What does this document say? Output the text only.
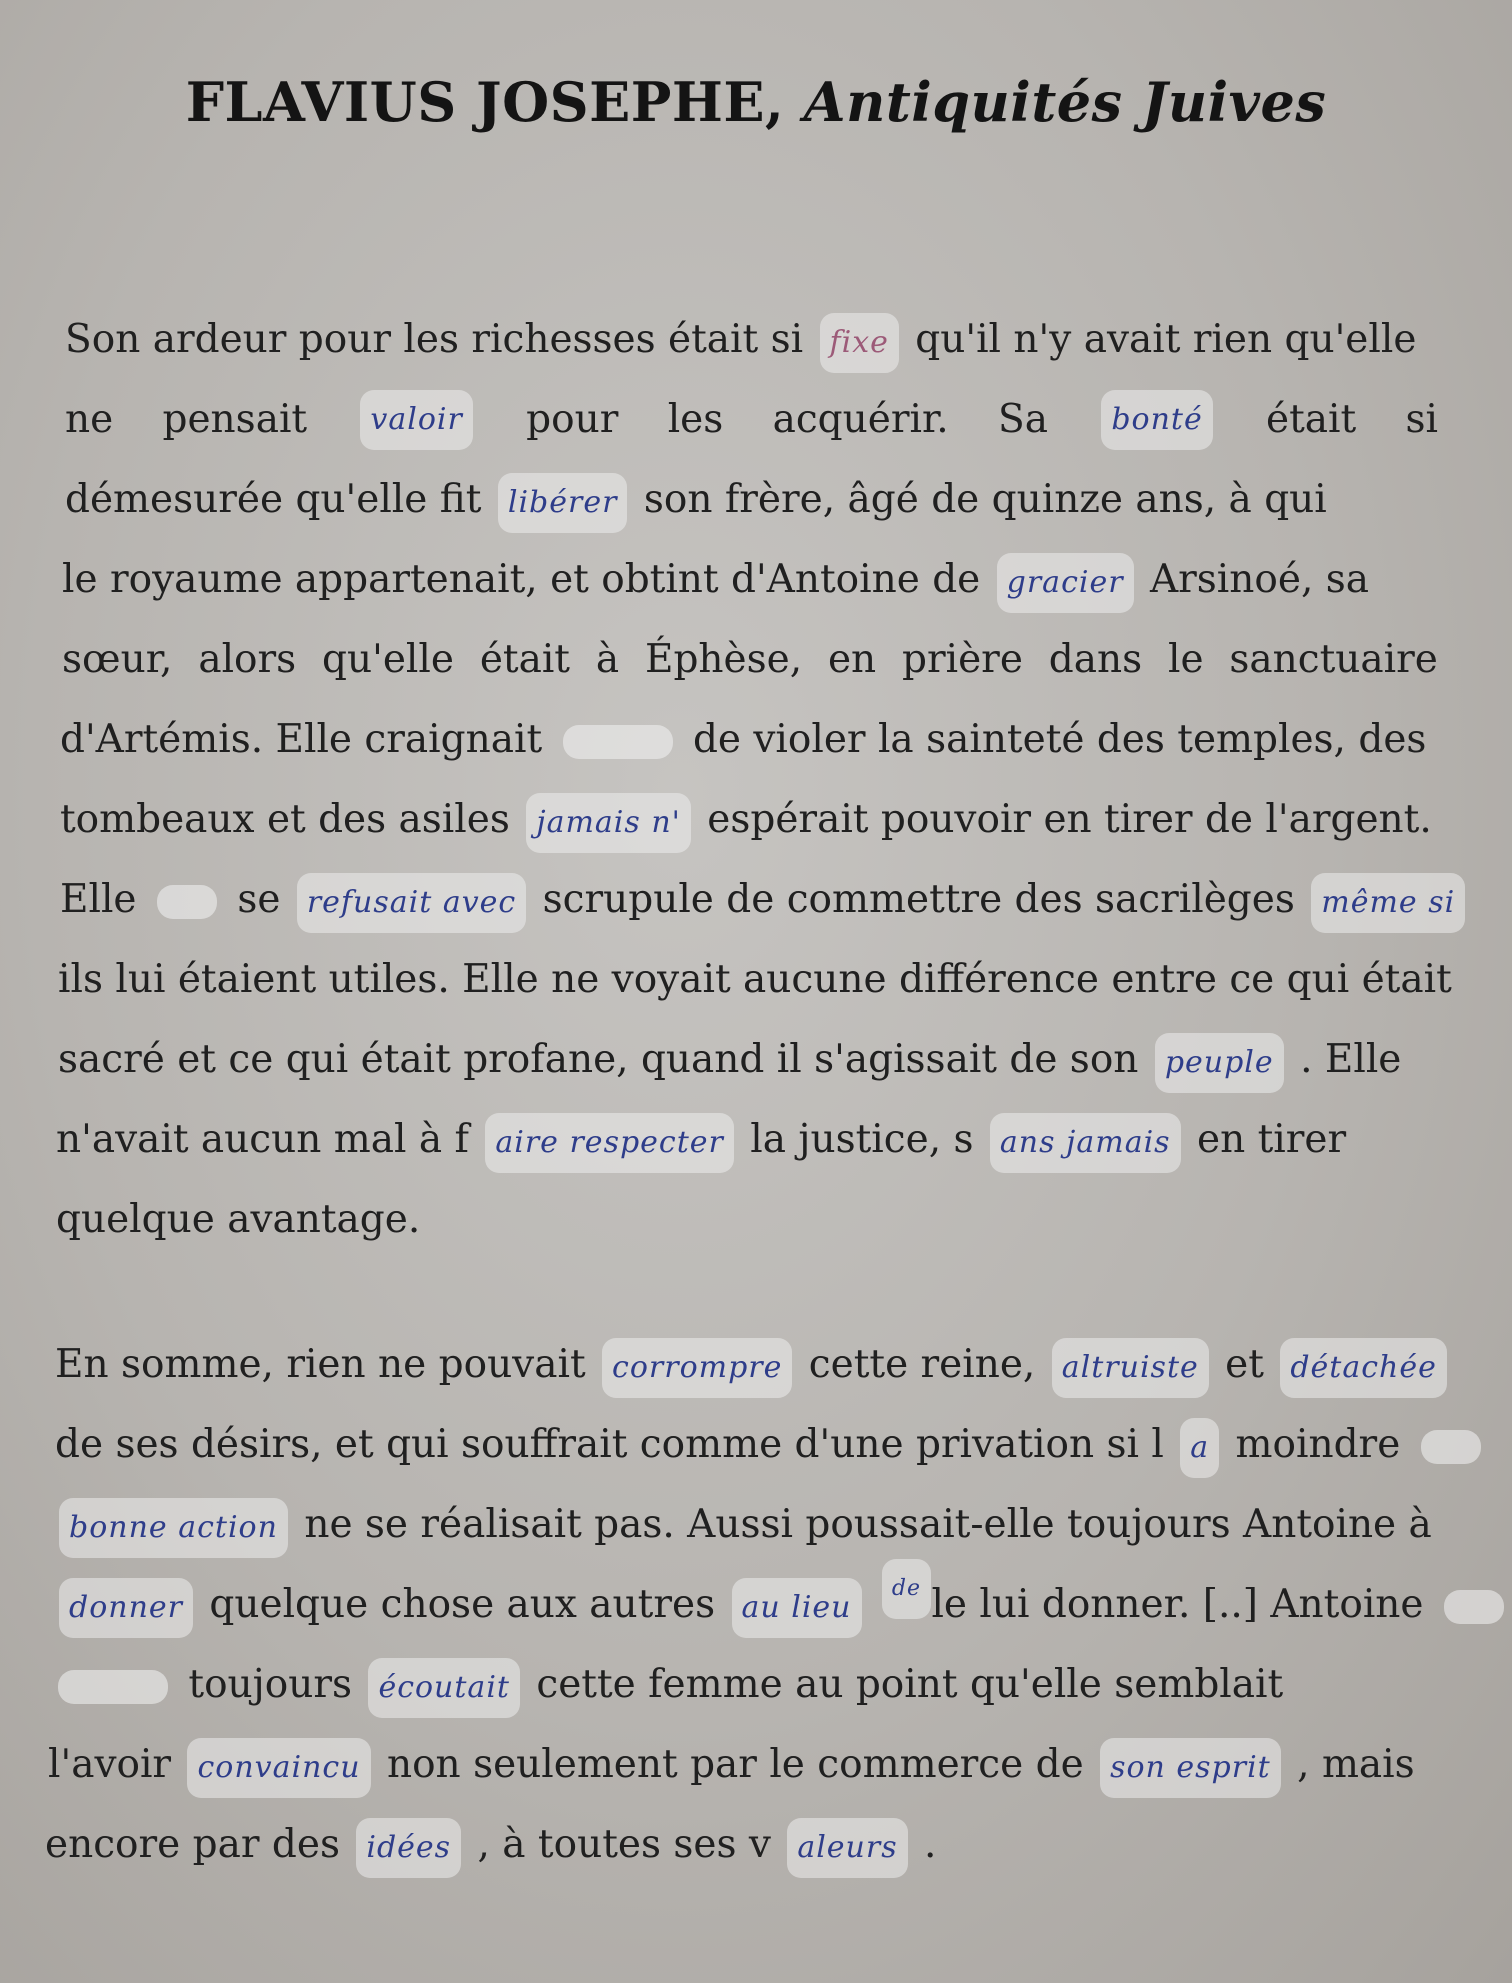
FLAVIUS JOSEPHE, Antiquités Juives
Son ardeur pour les richesses était si fixe qu'il n'y avait rien qu'elle
ne pensait	valoir pour les acquérir. Sa	bonté était si
démesurée qu'elle fit libérer son frère, âgé de quinze ans, à qui
le royaume appartenait, et obtint d'Antoine de gracier Arsinoé, sa
sœur, alors qu'elle était à Éphèse, en prière dans le sanctuaire
d'Artémis. Elle craignait	de violer la sainteté des temples, des
tombeaux et des asiles jamais n' espérait pouvoir en tirer de l'argent.
Elle	se refusait avec scrupule de commettre des sacrilèges même si
ils lui étaient utiles. Elle ne voyait aucune différence entre ce qui était
sacré et ce qui était profane, quand il s'agissait de son peuple . Elle
n'avait aucun mal à f aire respecter la justice, s ans jamais en tirer
quelque avantage.
En somme, rien ne pouvait corrompre cette reine, altruiste et détachée
de ses désirs, et qui souffrait comme d'une privation si l a moindre
bonne action ne se réalisait pas. Aussi poussait-elle toujours Antoine à
donner quelque chose aux autres au lieu de le lui donner. [..] Antoine
toujours écoutait cette femme au point qu'elle semblait
l'avoir convaincu non seulement par le commerce de son esprit , mais
encore par des idées , à toutes ses v aleurs .
